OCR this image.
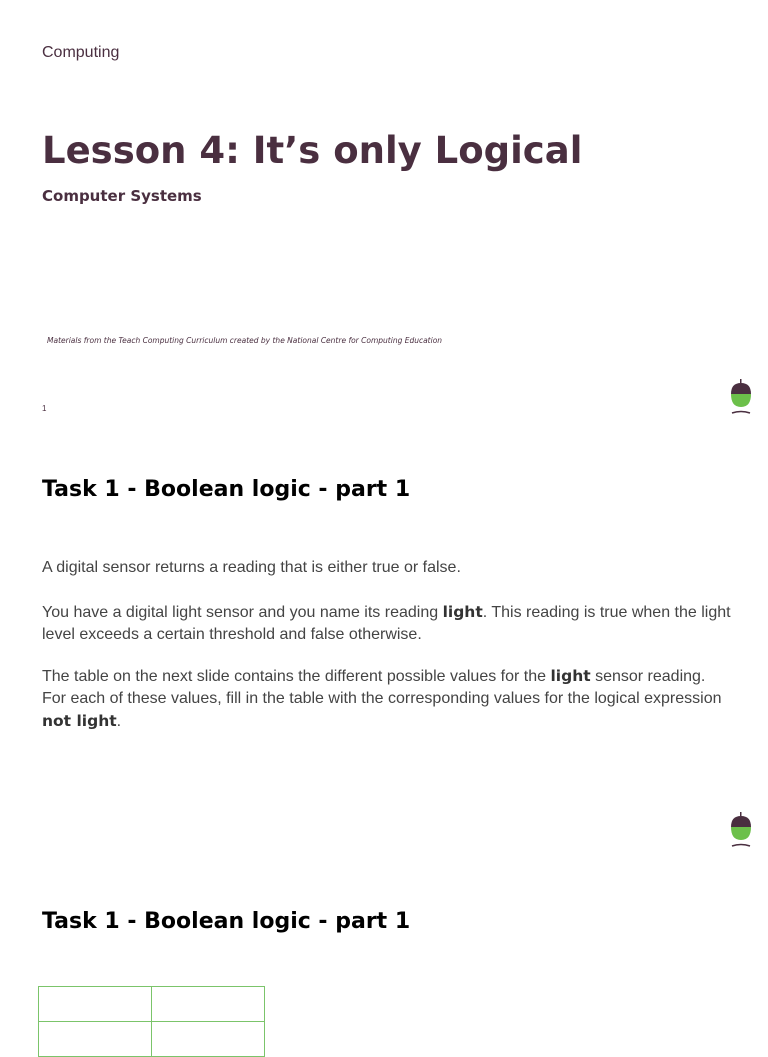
Computing
Lesson 4: It’s only Logical
Computer Systems
Materials from the Teach Computing Curriculum created by the National Centre for Computing Education
1
Task 1 - Boolean logic - part 1

A digital sensor returns a reading that is either true or false.

You have a digital light sensor and you name its reading light. This reading is true when the light level exceeds a certain threshold and false otherwise.

The table on the next slide contains the different possible values for the light sensor reading. For each of these values, fill in the table with the corresponding values for the logical expression not light.

Task 1 - Boolean logic - part 1
